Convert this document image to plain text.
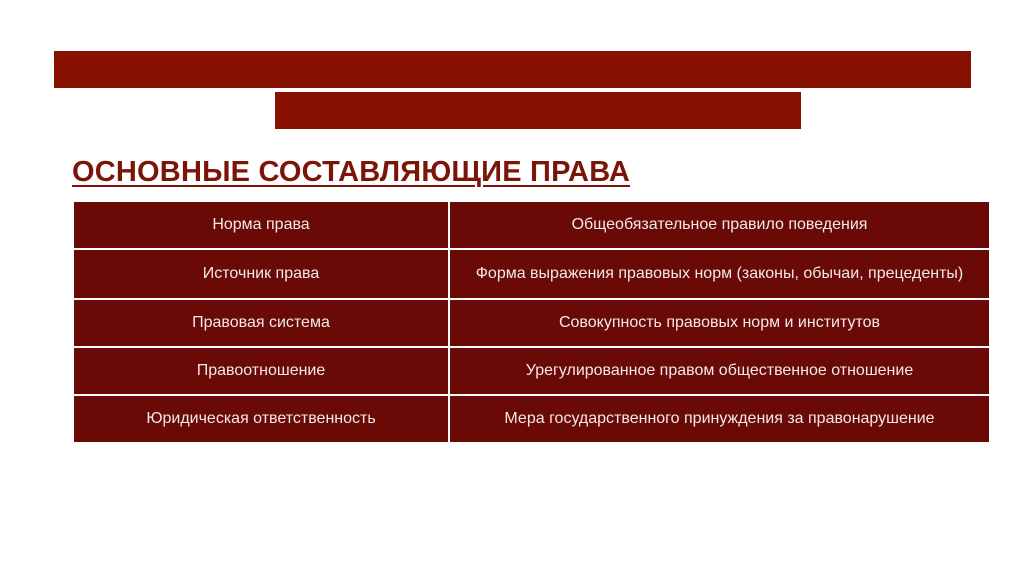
ОСНОВНЫЕ СОСТАВЛЯЮЩИЕ ПРАВА
Норма права	Общеобязательное правило поведения
Источник права	Форма выражения правовых норм (законы, обычаи, прецеденты)
Правовая система	Совокупность правовых норм и институтов
Правоотношение	Урегулированное правом общественное отношение
Юридическая ответственность	Мера государственного принуждения за правонарушение
